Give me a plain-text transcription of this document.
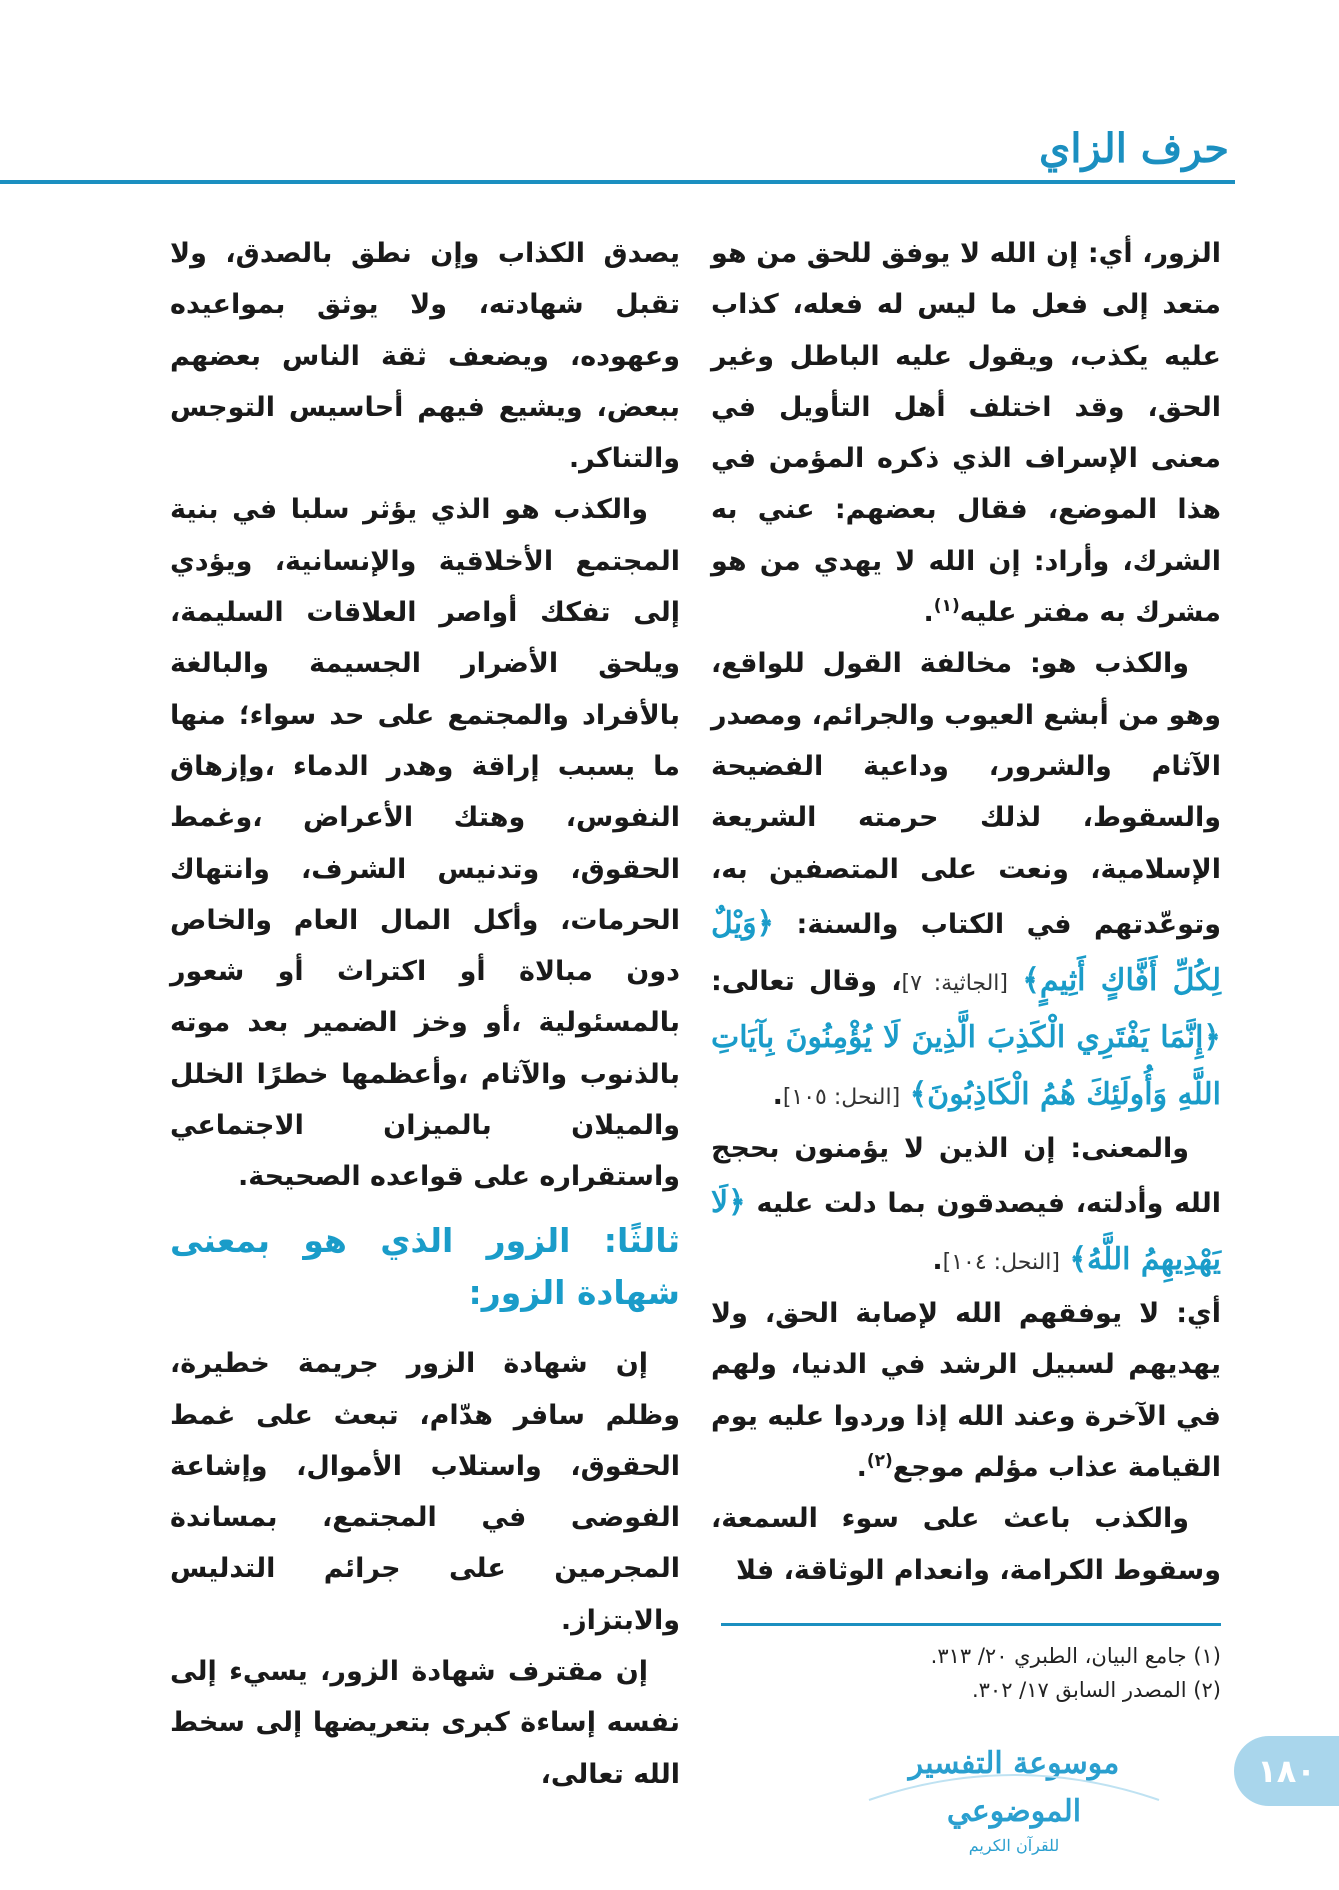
حرف الزاي

الزور، أي: إن الله لا يوفق للحق من هو متعد إلى فعل ما ليس له فعله، كذاب عليه يكذب، ويقول عليه الباطل وغير الحق، وقد اختلف أهل التأويل في معنى الإسراف الذي ذكره المؤمن في هذا الموضع، فقال بعضهم: عني به الشرك، وأراد: إن الله لا يهدي من هو مشرك به مفتر عليه$^{(١)}$.

والكذب هو: مخالفة القول للواقع، وهو من أبشع العيوب والجرائم، ومصدر الآثام والشرور، وداعية الفضيحة والسقوط، لذلك حرمته الشريعة الإسلامية، ونعت على المتصفين به، وتوعّدتهم في الكتاب والسنة: ﴿وَيْلٌ لِكُلِّ أَفَّاكٍ أَثِيمٍ﴾ [الجاثية: ٧]، وقال تعالى: ﴿إِنَّمَا يَفْتَرِي الْكَذِبَ الَّذِينَ لَا يُؤْمِنُونَ بِآيَاتِ اللَّهِ وَأُولَئِكَ هُمُ الْكَاذِبُونَ﴾ [النحل: ١٠٥].

والمعنى: إن الذين لا يؤمنون بحجج الله وأدلته، فيصدقون بما دلت عليه ﴿لَا يَهْدِيهِمُ اللَّهُ﴾ [النحل: ١٠٤].

أي: لا يوفقهم الله لإصابة الحق، ولا يهديهم لسبيل الرشد في الدنيا، ولهم في الآخرة وعند الله إذا وردوا عليه يوم القيامة عذاب مؤلم موجع$^{(٢)}$.

والكذب باعث على سوء السمعة، وسقوط الكرامة، وانعدام الوثاقة، فلا

يصدق الكذاب وإن نطق بالصدق، ولا تقبل شهادته، ولا يوثق بمواعيده وعهوده، ويضعف ثقة الناس بعضهم ببعض، ويشيع فيهم أحاسيس التوجس والتناكر.

والكذب هو الذي يؤثر سلبا في بنية المجتمع الأخلاقية والإنسانية، ويؤدي إلى تفكك أواصر العلاقات السليمة، ويلحق الأضرار الجسيمة والبالغة بالأفراد والمجتمع على حد سواء؛ منها ما يسبب إراقة وهدر الدماء ،وإزهاق النفوس، وهتك الأعراض ،وغمط الحقوق، وتدنيس الشرف، وانتهاك الحرمات، وأكل المال العام والخاص دون مبالاة أو اكتراث أو شعور بالمسئولية ،أو وخز الضمير بعد موته بالذنوب والآثام ،وأعظمها خطرًا الخلل والميلان بالميزان الاجتماعي واستقراره على قواعده الصحيحة.

ثالثًا: الزور الذي هو بمعنى شهادة الزور:

إن شهادة الزور جريمة خطيرة، وظلم سافر هدّام، تبعث على غمط الحقوق، واستلاب الأموال، وإشاعة الفوضى في المجتمع، بمساندة المجرمين على جرائم التدليس والابتزاز.

إن مقترف شهادة الزور، يسيء إلى نفسه إساءة كبرى بتعريضها إلى سخط الله تعالى،

(١) جامع البيان، الطبري ٢٠/ ٣١٣.
(٢) المصدر السابق ١٧/ ٣٠٢.
موسوعة التفسير الموضوعي
للقرآن الكريم
١٨٠
